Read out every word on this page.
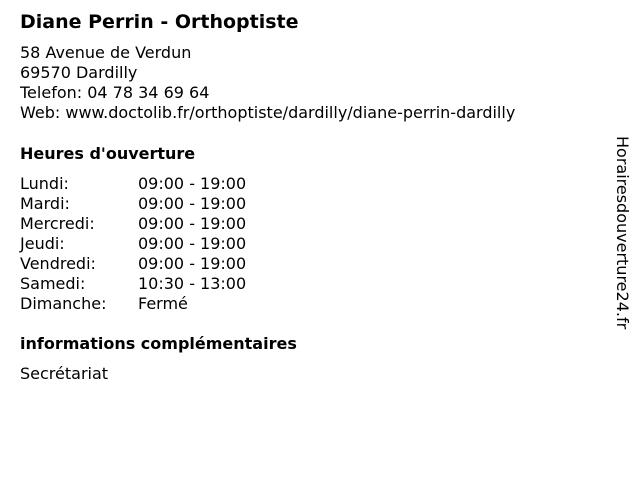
Diane Perrin - Orthoptiste
58 Avenue de Verdun
69570 Dardilly
Telefon: 04 78 34 69 64
Web: www.doctolib.fr/orthoptiste/dardilly/diane-perrin-dardilly
Heures d'ouverture
Lundi:	09:00 - 19:00
Mardi:	09:00 - 19:00
Mercredi:	09:00 - 19:00
Jeudi:	09:00 - 19:00
Vendredi:	09:00 - 19:00
Samedi:	10:30 - 13:00
Dimanche: Fermé
informations complémentaires
Secrétariat
Horairesdouverture24.fr
